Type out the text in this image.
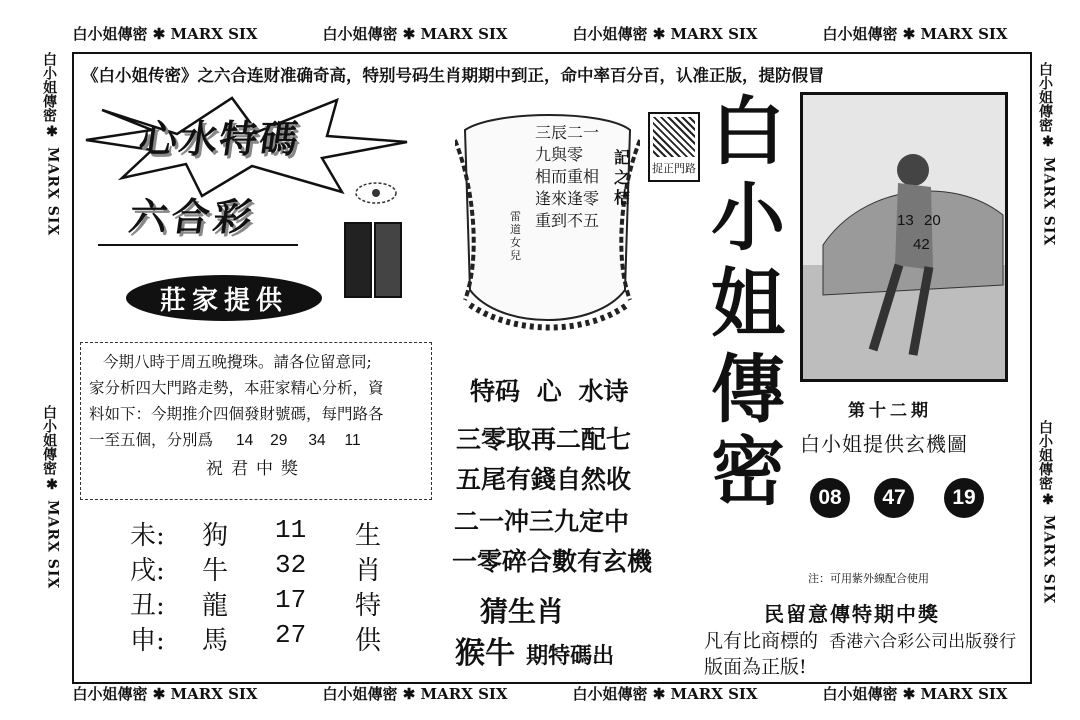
白小姐傳密 ✱ MARX SIX	白小姐傳密 ✱ MARX SIX	白小姐傳密 ✱ MARX SIX	白小姐傳密 ✱ MARX SIX
白小姐傳密 ✱ MARX SIX	白小姐傳密 ✱ MARX SIX	白小姐傳密 ✱ MARX SIX	白小姐傳密 ✱ MARX SIX
白小姐傳密
✱
MARX SIX
白小姐傳密
✱
MARX SIX
白小姐傳密
✱
MARX SIX
白小姐傳密
✱
MARX SIX
《白小姐传密》之六合连财准确奇高，特别号码生肖期期中到正，命中率百分百，认准正版，提防假冒
心水特碼
六合彩
莊家提供
今期八時于周五晚攪珠。請各位留意同;
家分析四大門路走勢，本莊家精心分析，資
料如下：今期推介四個發財號碼，每門路各
一至五個，分別爲 14 29 34 11
祝君中獎
未: 狗 11 生
戌: 牛 32 肖
丑: 龍 17 特
申: 馬 27 供
三辰二一
九與零
相而重相
逢來逢零
重到不五
記之桔
雷道女兒
捉正門路
特码 心 水诗
三零取再二配七
五尾有錢自然收
二一冲三九定中
一零碎合數有玄機
猜生肖
猴牛 期特碼出
白
小
姐
傳
密
13 20
42
第十二期
白小姐提供玄機圖
08	47	19
注：可用紫外線配合使用
民留意傳特期中獎
凡有比商標的 香港六合彩公司出版發行
版面為正版!
